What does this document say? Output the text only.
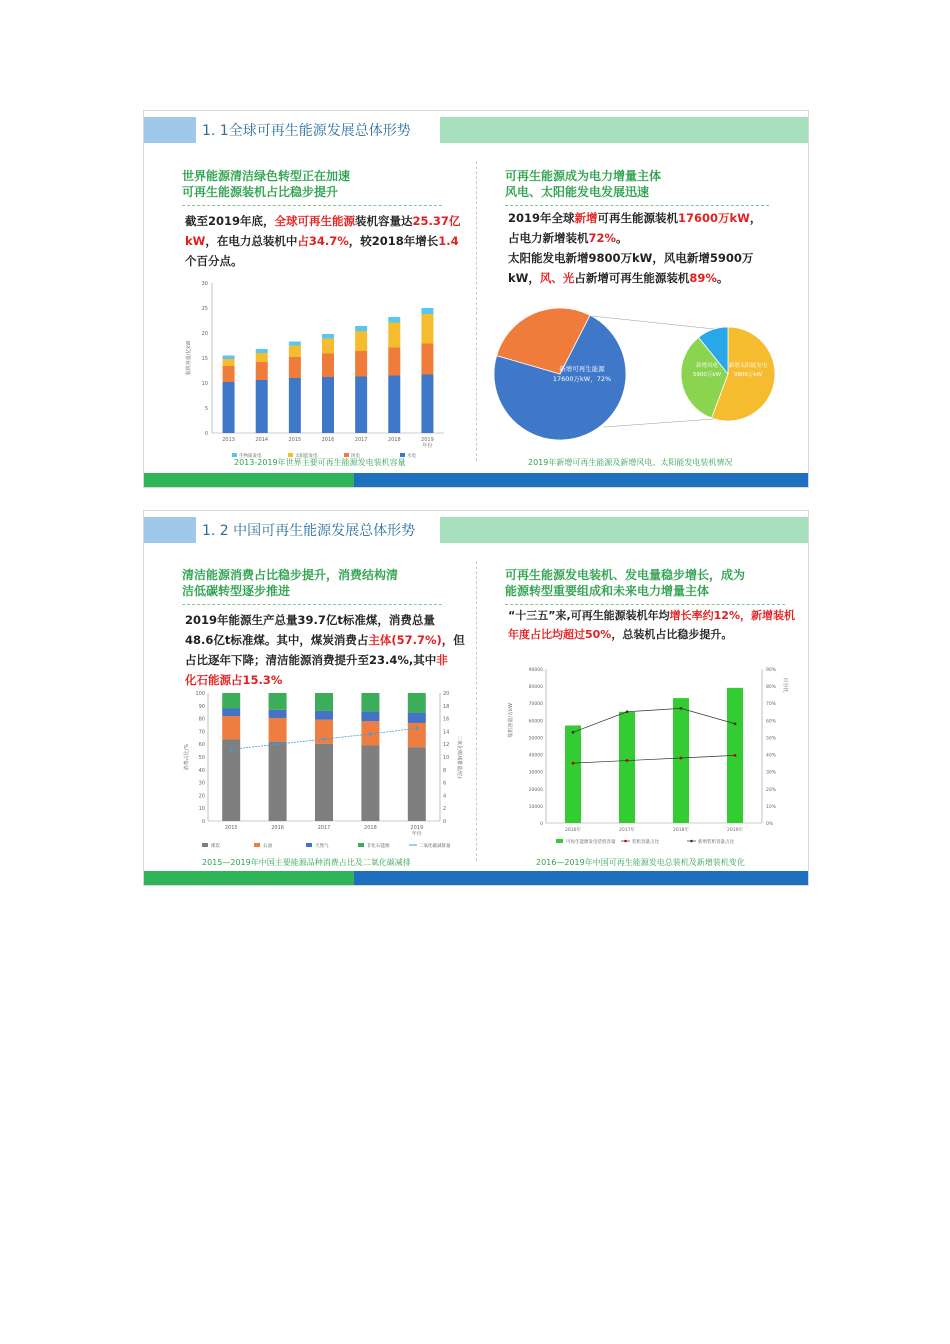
1. 1全球可再生能源发展总体形势
世界能源清洁绿色转型正在加速
可再生能源装机占比稳步提升
截至2019年底，全球可再生能源装机容量达25.37亿kW，在电力总装机中占34.7%，较2018年增长1.4个百分点。
0
5
10
15
20
25
30
装机容量/亿kW
2013	2014	2015	2016	2017	2018	2019
年份
生物质发电	太阳能发电	风电	水电
2013-2019年世界主要可再生能源发电装机容量
可再生能源成为电力增量主体
风电、太阳能发电发展迅速
2019年全球新增可再生能源装机17600万kW，
占电力新增装机72%。
太阳能发电新增9800万kW，风电新增5900万
kW，风、光占新增可再生能源装机89%。
新增可再生能源
17600万kW，72%
新增风电
5900万kW
新增太阳能发电
9800万kW
2019年新增可再生能源及新增风电、太阳能发电装机情况
1. 2 中国可再生能源发展总体形势
清洁能源消费占比稳步提升，消费结构清
洁低碳转型逐步推进
2019年能源生产总量39.7亿t标准煤，消费总量
48.6亿t标准煤。其中，煤炭消费占主体(57.7%)，但
占比逐年下降；清洁能源消费提升至23.4%,其中非
化石能源占15.3%
0
10
20
30
40
50
60
70
80
90
100
0
2
4
6
8
10
12
14
16
18
20
消费占比/%	二氧化碳减排量/亿t
2015	2016	2017	2018	2019
年份
煤炭	石油	天然气	非化石能源	二氧化碳减排量
2015—2019年中国主要能源品种消费占比及二氧化碳减排
可再生能源发电装机、发电量稳步增长，成为
能源转型重要组成和未来电力增量主体
“十三五”来,可再生能源装机年均增长率约12%，新增装机年度占比均超过50%，总装机占比稳步提升。
0
10000
20000
30000
40000
50000
60000
70000
80000
90000
0%
10%
20%
30%
40%
50%
60%
70%
80%
90%
装机容量/万kW
百分比
2016年	2017年	2018年	2019年
可再生能源发电装机容量	装机容量占比	新增装机容量占比
2016—2019年中国可再生能源发电总装机及新增装机变化
